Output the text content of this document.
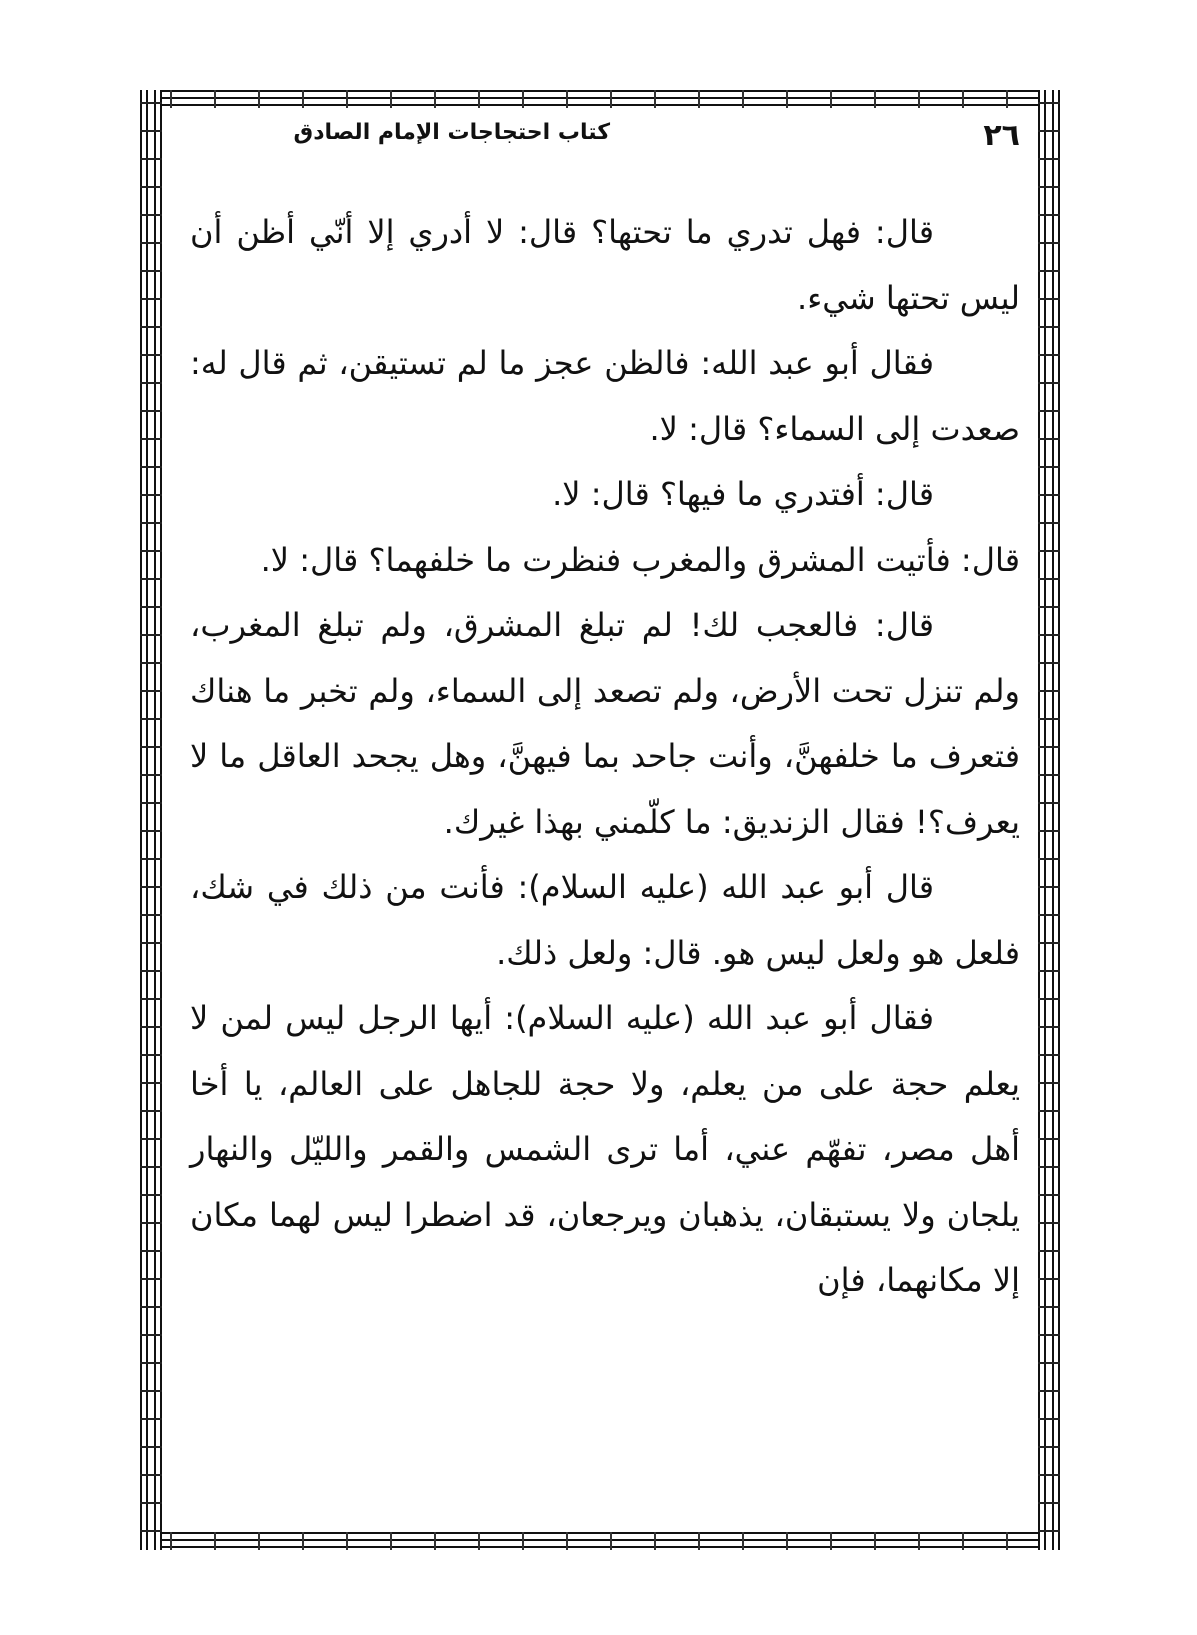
٢٦
كتاب احتجاجات الإمام الصادق

قال: فهل تدري ما تحتها؟ قال: لا أدري إلا أنّي أظن أن ليس تحتها شيء.

فقال أبو عبد الله: فالظن عجز ما لم تستيقن، ثم قال له: صعدت إلى السماء؟ قال: لا.

قال: أفتدري ما فيها؟ قال: لا.

قال: فأتيت المشرق والمغرب فنظرت ما خلفهما؟ قال: لا.

قال: فالعجب لك! لم تبلغ المشرق، ولم تبلغ المغرب، ولم تنزل تحت الأرض، ولم تصعد إلى السماء، ولم تخبر ما هناك فتعرف ما خلفهنَّ، وأنت جاحد بما فيهنَّ، وهل يجحد العاقل ما لا يعرف؟! فقال الزنديق: ما كلّمني بهذا غيرك.

قال أبو عبد الله (عليه السلام): فأنت من ذلك في شك، فلعل هو ولعل ليس هو. قال: ولعل ذلك.

فقال أبو عبد الله (عليه السلام): أيها الرجل ليس لمن لا يعلم حجة على من يعلم، ولا حجة للجاهل على العالم، يا أخا أهل مصر، تفهّم عني، أما ترى الشمس والقمر والليّل والنهار يلجان ولا يستبقان، يذهبان ويرجعان، قد اضطرا ليس لهما مكان إلا مكانهما، فإن
